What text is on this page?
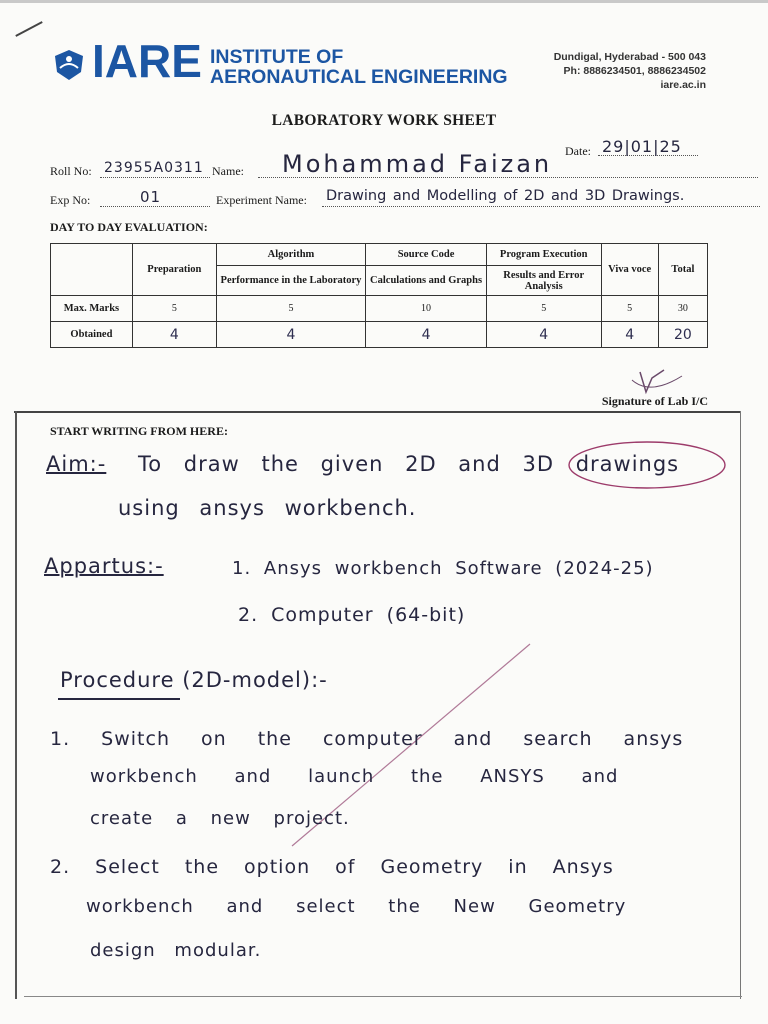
IARE INSTITUTE OF
AERONAUTICAL ENGINEERING
Dundigal, Hyderabad - 500 043
Ph: 8886234501, 8886234502
iare.ac.in
LABORATORY WORK SHEET
Date: 29|01|25
Roll No: 23955A0311 Name: Mohammad Faizan
Exp No:	01	Experiment Name: Drawing and Modelling of 2D and 3D Drawings.
DAY TO DAY EVALUATION:
	Preparation	Algorithm	Source Code	Program Execution	Viva voce	Total
		Performance in the Laboratory	Calculations and Graphs	Results and Error Analysis		
Max. Marks	5	5	10	5	5	30
Obtained	4	4	4	4	4	20
Signature of Lab I/C
START WRITING FROM HERE:
Aim:- To draw the given 2D and 3D drawings
using ansys workbench.
Appartus:-	1. Ansys workbench Software (2024-25)
2. Computer (64-bit)
Procedure (2D-model):-
1. Switch on the computer and search ansys
workbench and launch the ANSYS and
create a new project.
2. Select the option of Geometry in Ansys
workbench and select the New Geometry
design modular.
